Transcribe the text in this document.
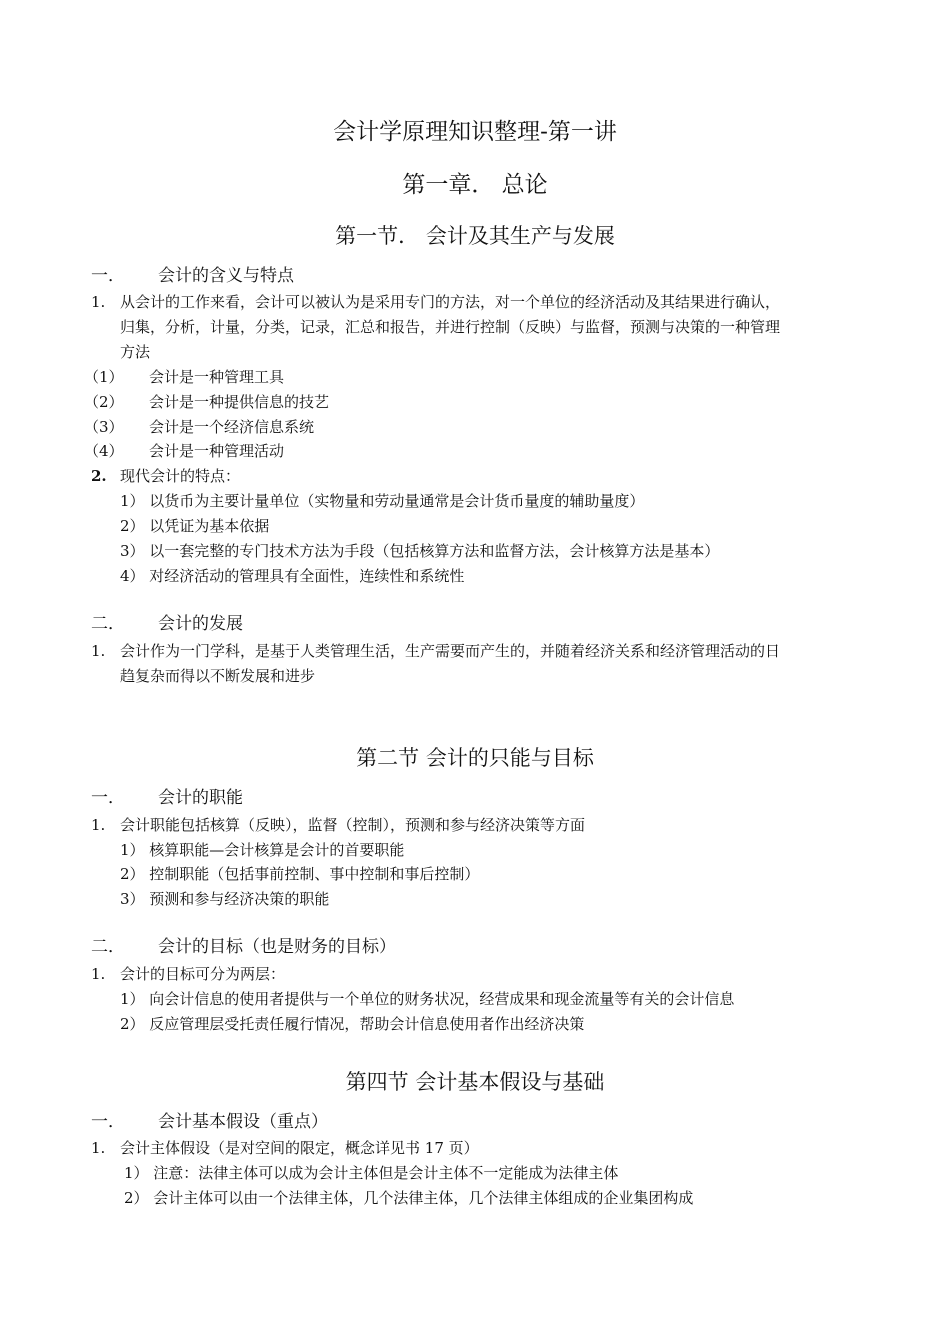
会计学原理知识整理-第一讲
第一章． 总论
第一节． 会计及其生产与发展
一． 会计的含义与特点
1. 从会计的工作来看，会计可以被认为是采用专门的方法，对一个单位的经济活动及其结果进行确认，
归集，分析，计量，分类，记录，汇总和报告，并进行控制（反映）与监督，预测与决策的一种管理
方法
（1） 会计是一种管理工具
（2） 会计是一种提供信息的技艺
（3） 会计是一个经济信息系统
（4） 会计是一种管理活动
2. 现代会计的特点：
1） 以货币为主要计量单位（实物量和劳动量通常是会计货币量度的辅助量度）
2） 以凭证为基本依据
3） 以一套完整的专门技术方法为手段（包括核算方法和监督方法，会计核算方法是基本）
4） 对经济活动的管理具有全面性，连续性和系统性
二． 会计的发展
1. 会计作为一门学科，是基于人类管理生活，生产需要而产生的，并随着经济关系和经济管理活动的日
趋复杂而得以不断发展和进步
第二节 会计的只能与目标
一． 会计的职能
1. 会计职能包括核算（反映），监督（控制），预测和参与经济决策等方面
1） 核算职能—会计核算是会计的首要职能
2） 控制职能（包括事前控制、事中控制和事后控制）
3） 预测和参与经济决策的职能
二． 会计的目标（也是财务的目标）
1. 会计的目标可分为两层：
1） 向会计信息的使用者提供与一个单位的财务状况，经营成果和现金流量等有关的会计信息
2） 反应管理层受托责任履行情况，帮助会计信息使用者作出经济决策
第四节 会计基本假设与基础
一． 会计基本假设（重点）
1. 会计主体假设（是对空间的限定，概念详见书 17 页）
1） 注意：法律主体可以成为会计主体但是会计主体不一定能成为法律主体
2） 会计主体可以由一个法律主体，几个法律主体，几个法律主体组成的企业集团构成
